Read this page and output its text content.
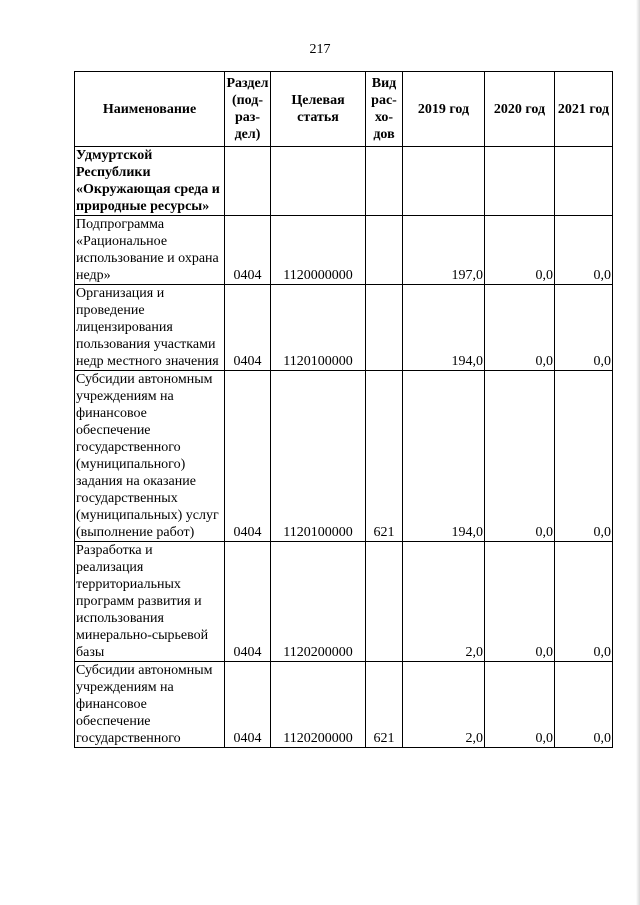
217
Наименование	Раздел (под-раз-дел)	Целевая статья	Вид рас-хо-дов	2019 год	2020 год	2021 год
Удмуртской Республики «Окружающая среда и природные ресурсы»						
Подпрограмма «Рациональное использование и охрана недр»	0404	1120000000		197,0	0,0	0,0
Организация и проведение лицензирования пользования участками недр местного значения	0404	1120100000		194,0	0,0	0,0
Субсидии автономным учреждениям на финансовое обеспечение государственного (муниципального) задания на оказание государственных (муниципальных) услуг (выполнение работ)	0404	1120100000	621	194,0	0,0	0,0
Разработка и реализация территориальных программ развития и использования минерально-сырьевой базы	0404	1120200000		2,0	0,0	0,0
Субсидии автономным учреждениям на финансовое обеспечение государственного	0404	1120200000	621	2,0	0,0	0,0
